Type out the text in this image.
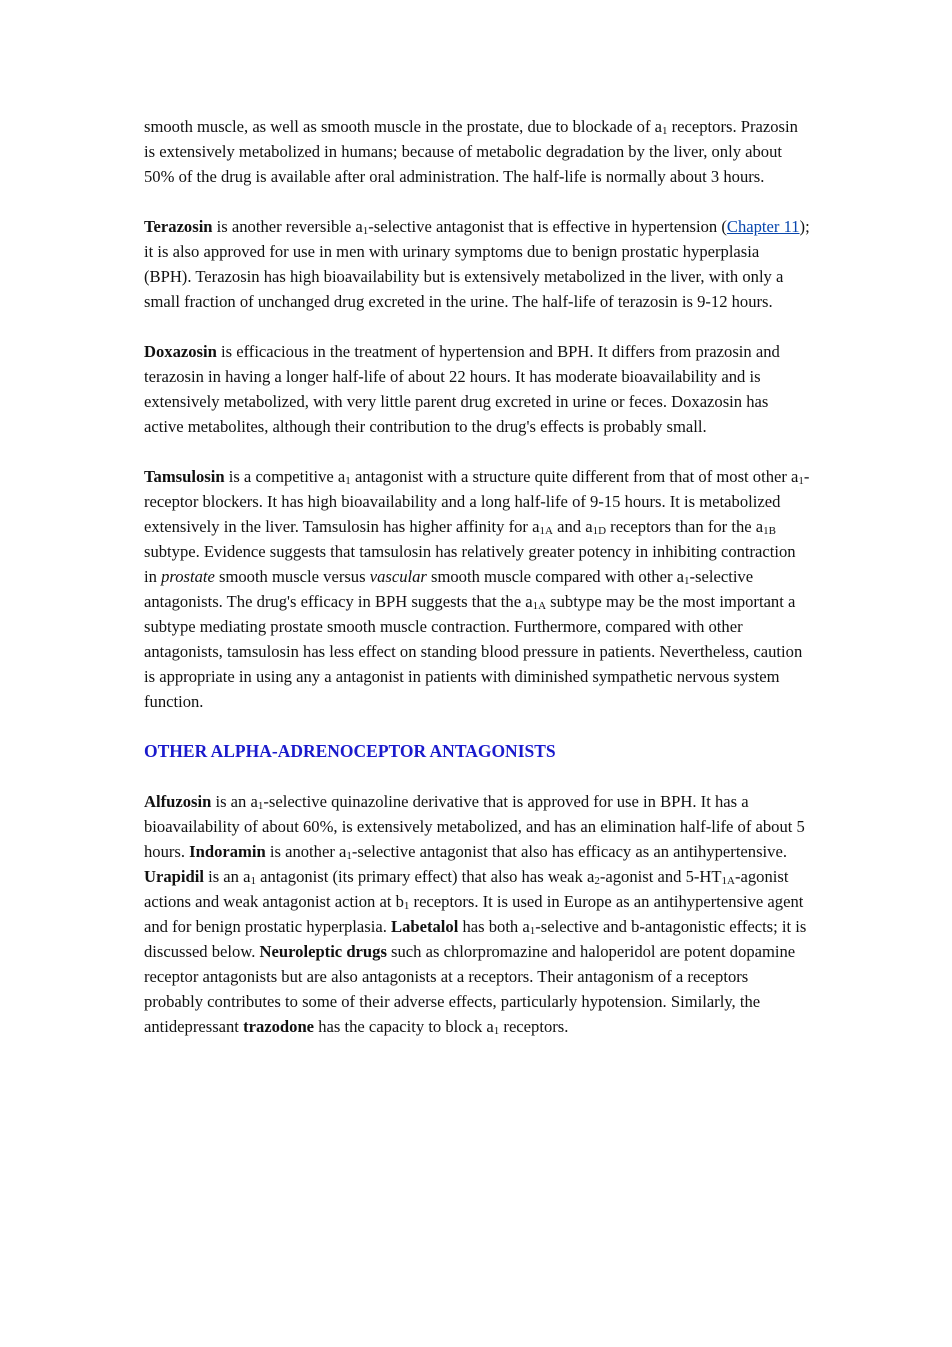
smooth muscle, as well as smooth muscle in the prostate, due to blockade of $a_1$ receptors. Prazosin is extensively metabolized in humans; because of metabolic degradation by the liver, only about 50% of the drug is available after oral administration. The half-life is normally about 3 hours.

Terazosin is another reversible $a_1$-selective antagonist that is effective in hypertension (Chapter 11); it is also approved for use in men with urinary symptoms due to benign prostatic hyperplasia (BPH). Terazosin has high bioavailability but is extensively metabolized in the liver, with only a small fraction of unchanged drug excreted in the urine. The half-life of terazosin is 9-12 hours.

Doxazosin is efficacious in the treatment of hypertension and BPH. It differs from prazosin and terazosin in having a longer half-life of about 22 hours. It has moderate bioavailability and is extensively metabolized, with very little parent drug excreted in urine or feces. Doxazosin has active metabolites, although their contribution to the drug's effects is probably small.

Tamsulosin is a competitive $a_1$ antagonist with a structure quite different from that of most other $a_1$-receptor blockers. It has high bioavailability and a long half-life of 9-15 hours. It is metabolized extensively in the liver. Tamsulosin has higher affinity for $a_{1A}$ and $a_{1D}$ receptors than for the $a_{1B}$ subtype. Evidence suggests that tamsulosin has relatively greater potency in inhibiting contraction in prostate smooth muscle versus vascular smooth muscle compared with other $a_1$-selective antagonists. The drug's efficacy in BPH suggests that the $a_{1A}$ subtype may be the most important a subtype mediating prostate smooth muscle contraction. Furthermore, compared with other antagonists, tamsulosin has less effect on standing blood pressure in patients. Nevertheless, caution is appropriate in using any a antagonist in patients with diminished sympathetic nervous system function.

OTHER ALPHA-ADRENOCEPTOR ANTAGONISTS

Alfuzosin is an $a_1$-selective quinazoline derivative that is approved for use in BPH. It has a bioavailability of about 60%, is extensively metabolized, and has an elimination half-life of about 5 hours. Indoramin is another $a_1$-selective antagonist that also has efficacy as an antihypertensive. Urapidil is an $a_1$ antagonist (its primary effect) that also has weak $a_2$-agonist and $5-HT_{1A}$-agonist actions and weak antagonist action at $b_1$ receptors. It is used in Europe as an antihypertensive agent and for benign prostatic hyperplasia. Labetalol has both $a_1$-selective and b-antagonistic effects; it is discussed below. Neuroleptic drugs such as chlorpromazine and haloperidol are potent dopamine receptor antagonists but are also antagonists at a receptors. Their antagonism of a receptors probably contributes to some of their adverse effects, particularly hypotension. Similarly, the antidepressant trazodone has the capacity to block $a_1$ receptors.
